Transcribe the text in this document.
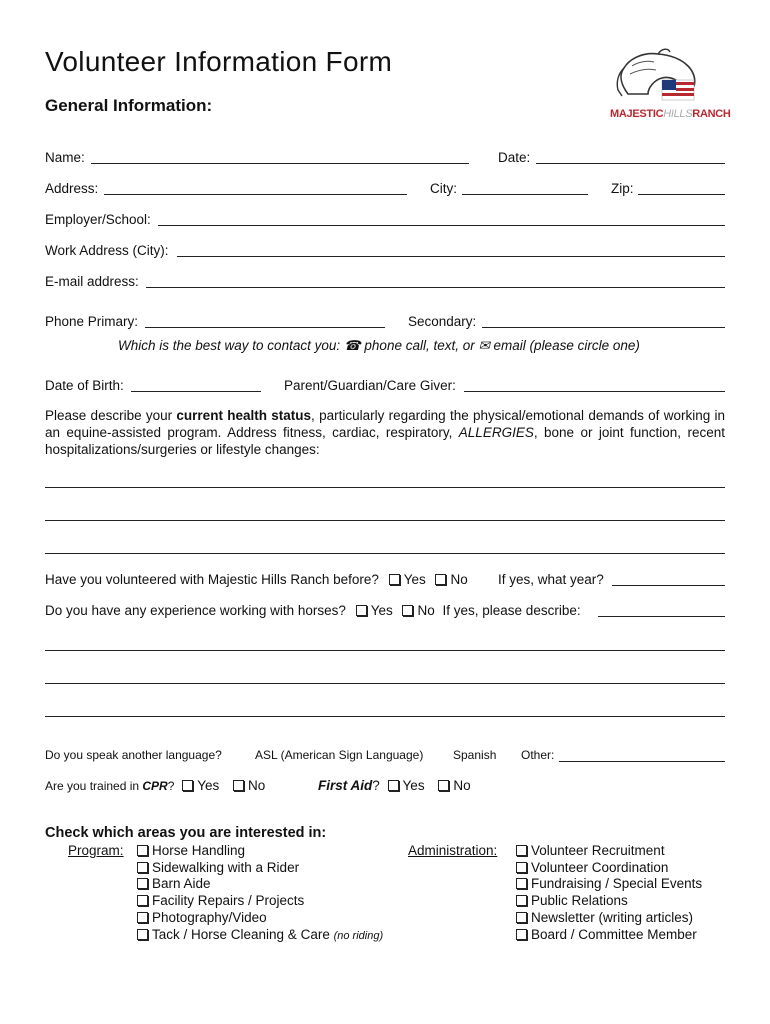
Volunteer Information Form
General Information:	MAJESTICHILLSRANCH
Name:	Date:
Address:	City:	Zip:
Employer/School:
Work Address (City):
E-mail address:
Phone Primary:	Secondary:
Which is the best way to contact you: ☎ phone call, text, or ✉ email (please circle one)
Date of Birth:	Parent/Guardian/Care Giver:
Please describe your current health status, particularly regarding the physical/emotional demands of working in an equine-assisted program. Address fitness, cardiac, respiratory, ALLERGIES, bone or joint function, recent hospitalizations/surgeries or lifestyle changes:
Have you volunteered with Majestic Hills Ranch before? Yes No If yes, what year?
Do you have any experience working with horses? Yes No If yes, please describe:
Do you speak another language?	ASL (American Sign Language) Spanish Other:
Are you trained in CPR? Yes No	First Aid? Yes No
Check which areas you are interested in:
Program:	Horse Handling
Sidewalking with a Rider
Barn Aide
Facility Repairs / Projects
Photography/Video
Tack / Horse Cleaning & Care (no riding)
Administration:	Volunteer Recruitment
Volunteer Coordination
Fundraising / Special Events
Public Relations
Newsletter (writing articles)
Board / Committee Member
